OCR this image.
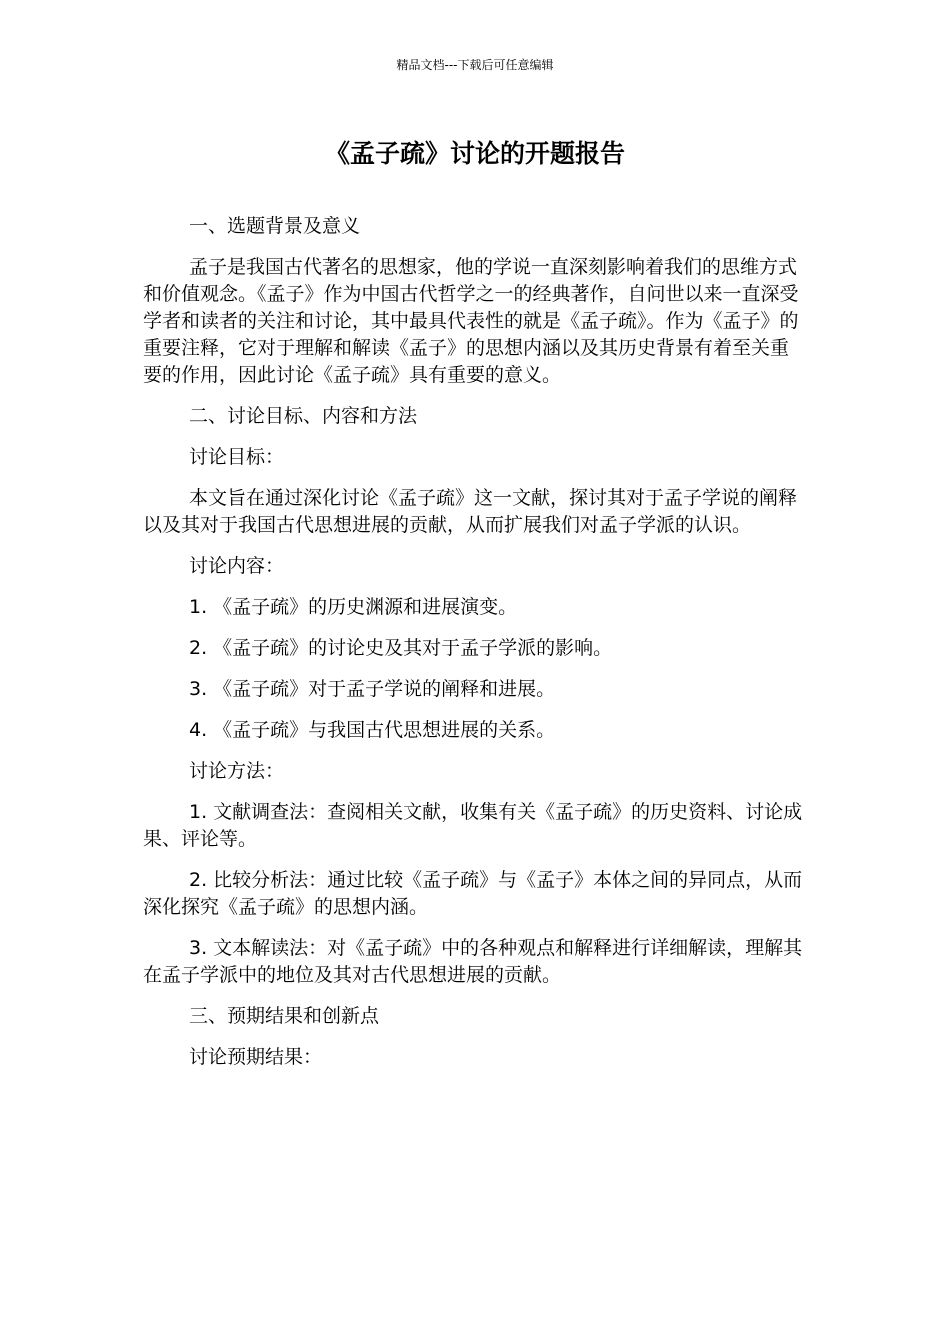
精品文档---下载后可任意编辑
《孟子疏》讨论的开题报告

一、选题背景及意义

孟子是我国古代著名的思想家，他的学说一直深刻影响着我们的思维方式和价值观念。《孟子》作为中国古代哲学之一的经典著作，自问世以来一直深受学者和读者的关注和讨论，其中最具代表性的就是《孟子疏》。作为《孟子》的重要注释，它对于理解和解读《孟子》的思想内涵以及其历史背景有着至关重要的作用，因此讨论《孟子疏》具有重要的意义。

二、讨论目标、内容和方法

讨论目标：

本文旨在通过深化讨论《孟子疏》这一文献，探讨其对于孟子学说的阐释以及其对于我国古代思想进展的贡献，从而扩展我们对孟子学派的认识。

讨论内容：

1. 《孟子疏》的历史渊源和进展演变。

2. 《孟子疏》的讨论史及其对于孟子学派的影响。

3. 《孟子疏》对于孟子学说的阐释和进展。

4. 《孟子疏》与我国古代思想进展的关系。

讨论方法：

1. 文献调查法：查阅相关文献，收集有关《孟子疏》的历史资料、讨论成果、评论等。

2. 比较分析法：通过比较《孟子疏》与《孟子》本体之间的异同点，从而深化探究《孟子疏》的思想内涵。

3. 文本解读法：对《孟子疏》中的各种观点和解释进行详细解读，理解其在孟子学派中的地位及其对古代思想进展的贡献。

三、预期结果和创新点

讨论预期结果：
